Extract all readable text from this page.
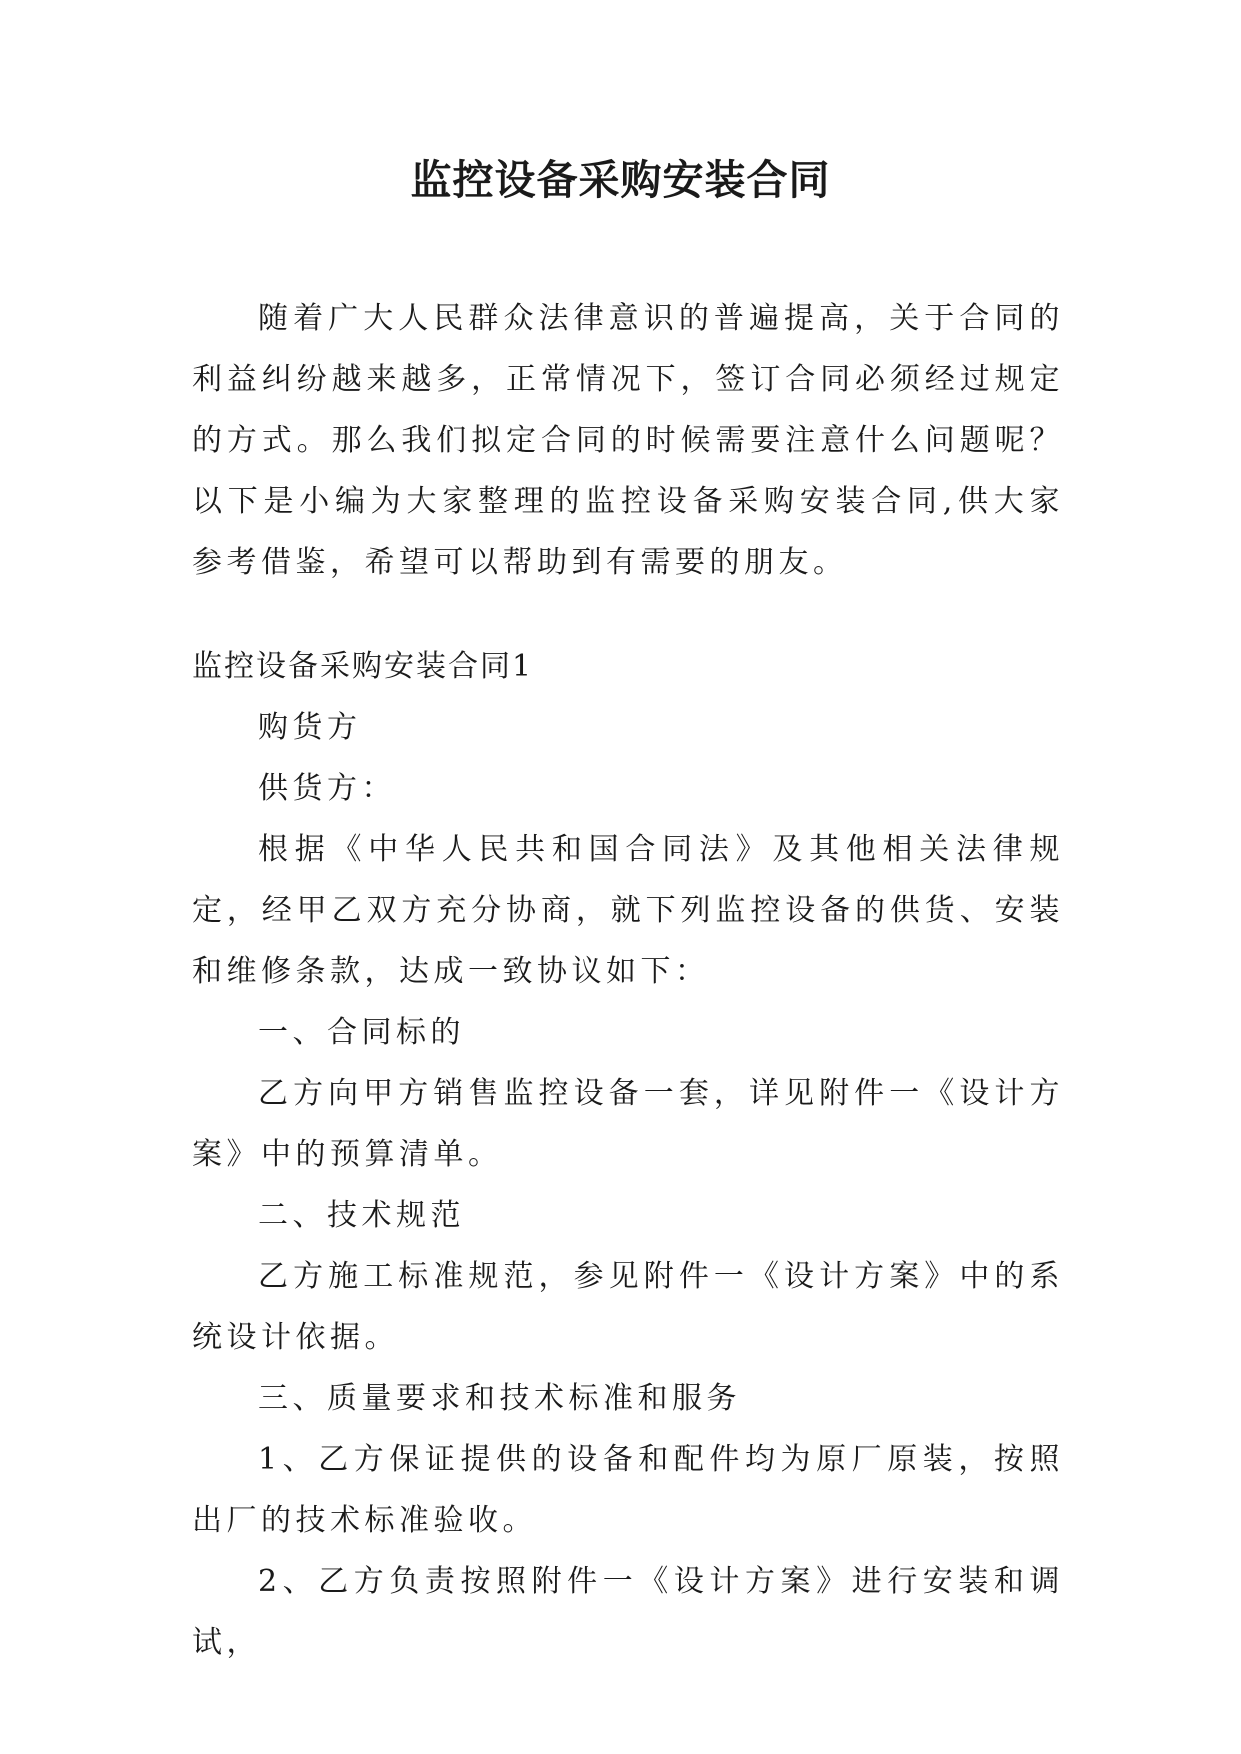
监控设备采购安装合同

随着广大人民群众法律意识的普遍提高，关于合同的利益纠纷越来越多，正常情况下，签订合同必须经过规定的方式。那么我们拟定合同的时候需要注意什么问题呢？以下是小编为大家整理的监控设备采购安装合同,供大家参考借鉴，希望可以帮助到有需要的朋友。

监控设备采购安装合同1

购货方

供货方：

根据《中华人民共和国合同法》及其他相关法律规定，经甲乙双方充分协商，就下列监控设备的供货、安装和维修条款，达成一致协议如下：

一、合同标的

乙方向甲方销售监控设备一套，详见附件一《设计方案》中的预算清单。

二、技术规范

乙方施工标准规范，参见附件一《设计方案》中的系统设计依据。

三、质量要求和技术标准和服务

1、乙方保证提供的设备和配件均为原厂原装，按照出厂的技术标准验收。

2、乙方负责按照附件一《设计方案》进行安装和调试，
